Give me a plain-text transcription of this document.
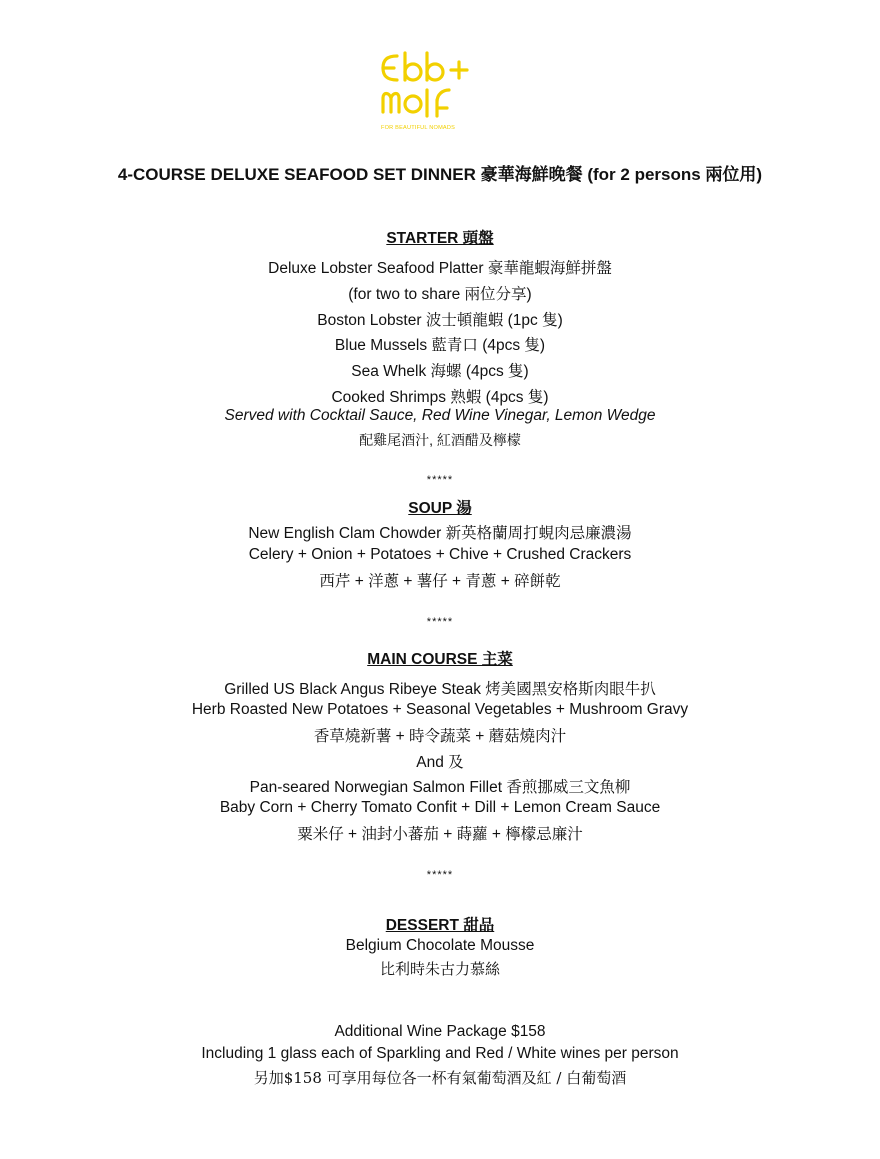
FOR BEAUTIFUL NOMADS
4-COURSE DELUXE SEAFOOD SET DINNER 豪華海鮮晚餐 (for 2 persons 兩位用)
STARTER 頭盤
Deluxe Lobster Seafood Platter 豪華龍蝦海鮮拼盤
(for two to share 兩位分享)
Boston Lobster 波士頓龍蝦 (1pc 隻)
Blue Mussels 藍青口 (4pcs 隻)
Sea Whelk 海螺 (4pcs 隻)
Cooked Shrimps 熟蝦 (4pcs 隻)
Served with Cocktail Sauce, Red Wine Vinegar, Lemon Wedge
配雞尾酒汁, 紅酒醋及檸檬
*****
SOUP 湯
New English Clam Chowder 新英格蘭周打蜆肉忌廉濃湯
Celery + Onion + Potatoes + Chive + Crushed Crackers
西芹 + 洋蔥 + 薯仔 + 青蔥 + 碎餅乾
*****
MAIN COURSE 主菜
Grilled US Black Angus Ribeye Steak 烤美國黑安格斯肉眼牛扒
Herb Roasted New Potatoes + Seasonal Vegetables + Mushroom Gravy
香草燒新薯 + 時令蔬菜 + 蘑菇燒肉汁
And 及
Pan-seared Norwegian Salmon Fillet 香煎挪威三文魚柳
Baby Corn + Cherry Tomato Confit + Dill + Lemon Cream Sauce
粟米仔 + 油封小蕃茄 + 蒔蘿 + 檸檬忌廉汁
*****
DESSERT 甜品
Belgium Chocolate Mousse
比利時朱古力慕絲
Additional Wine Package $158
Including 1 glass each of Sparkling and Red / White wines per person
另加$158 可享用每位各一杯有氣葡萄酒及紅 / 白葡萄酒
